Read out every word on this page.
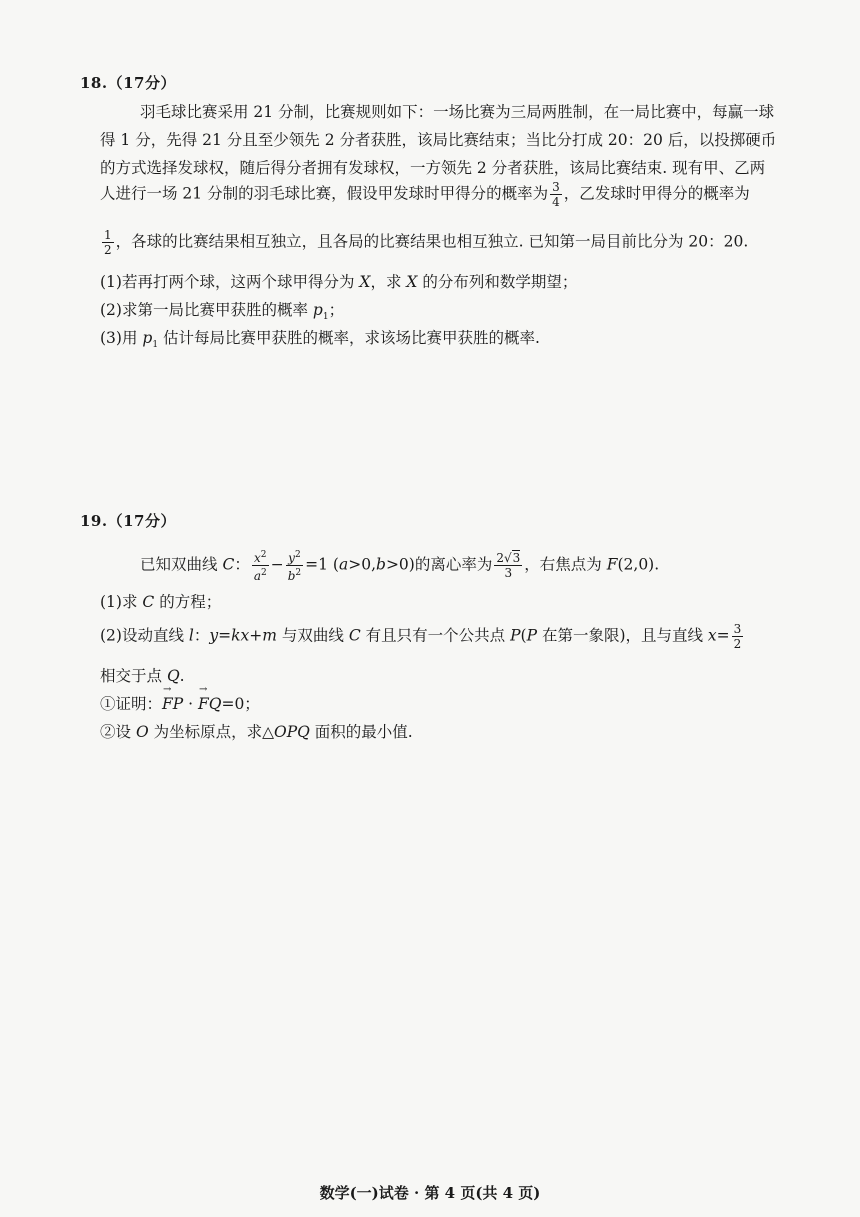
18.（17分）
羽毛球比赛采用 21 分制，比赛规则如下：一场比赛为三局两胜制，在一局比赛中，每赢一球
得 1 分，先得 21 分且至少领先 2 分者获胜，该局比赛结束；当比分打成 20：20 后，以投掷硬币
的方式选择发球权，随后得分者拥有发球权，一方领先 2 分者获胜，该局比赛结束. 现有甲、乙两
人进行一场 21 分制的羽毛球比赛，假设甲发球时甲得分的概率为 $\frac{3}{4}$ ，乙发球时甲得分的概率为
$\frac{1}{2}$ ，各球的比赛结果相互独立，且各局的比赛结果也相互独立. 已知第一局目前比分为 20：20.
(1)若再打两个球，这两个球甲得分为 X，求 X 的分布列和数学期望；
(2)求第一局比赛甲获胜的概率 $p_1$；
(3)用 $p_1$ 估计每局比赛甲获胜的概率，求该场比赛甲获胜的概率.
19.（17分）
已知双曲线 C： $\frac{x^2}{a^2} - \frac{y^2}{b^2} =1$ (a>0,b>0)的离心率为 $\frac{2√3}{3}$ ，右焦点为 F(2,0).
(1)求 C 的方程；
(2)设动直线 l：y=kx+m 与双曲线 C 有且只有一个公共点 P(P 在第一象限)，且与直线 $x= \frac{3}{2}$
相交于点 Q.
①证明：→ FP · → FQ=0；
②设 O 为坐标原点，求△OPQ 面积的最小值.
数学(一)试卷 · 第 4 页(共 4 页)
